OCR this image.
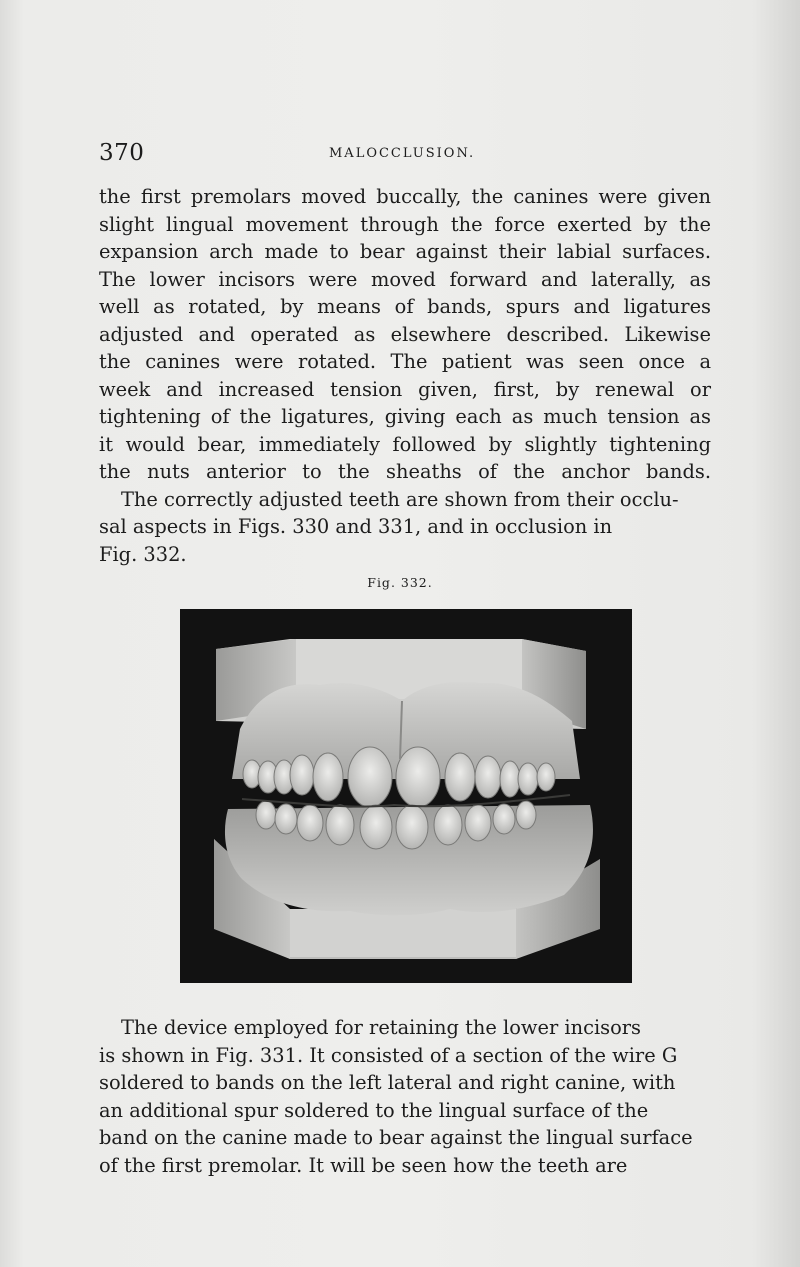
370	MALOCCLUSION.

the first premolars moved buccally, the canines were given
slight lingual movement through the force exerted by the
expansion arch made to bear against their labial surfaces.
The lower incisors were moved forward and laterally, as
well as rotated, by means of bands, spurs and ligatures
adjusted and operated as elsewhere described. Likewise
the canines were rotated. The patient was seen once a
week and increased tension given, first, by renewal or
tightening of the ligatures, giving each as much tension as
it would bear, immediately followed by slightly tightening
the nuts anterior to the sheaths of the anchor bands.

The correctly adjusted teeth are shown from their occlu-
sal aspects in Figs. 330 and 331, and in occlusion in
Fig. 332.

Fig. 332.

The device employed for retaining the lower incisors
is shown in Fig. 331. It consisted of a section of the wire G
soldered to bands on the left lateral and right canine, with
an additional spur soldered to the lingual surface of the
band on the canine made to bear against the lingual surface
of the first premolar. It will be seen how the teeth are
